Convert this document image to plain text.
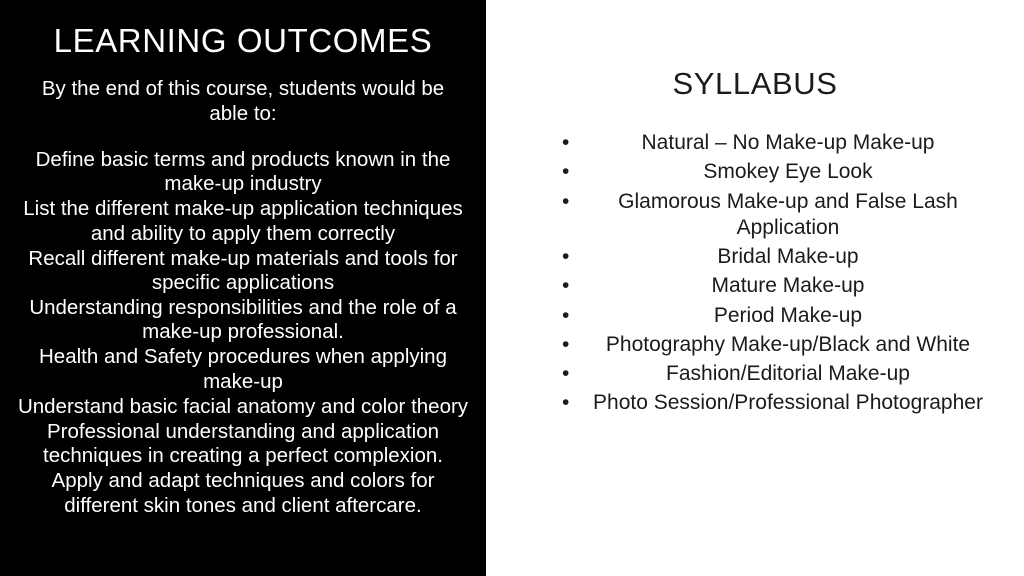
LEARNING OUTCOMES

By the end of this course, students would be able to:

Define basic terms and products known in the make-up industry
List the different make-up application techniques and ability to apply them correctly
Recall different make-up materials and tools for specific applications
Understanding responsibilities and the role of a make-up professional.
Health and Safety procedures when applying make-up
Understand basic facial anatomy and color theory
Professional understanding and application techniques in creating a perfect complexion.
Apply and adapt techniques and colors for different skin tones and client aftercare.
SYLLABUS
•	Natural – No Make-up Make-up
•	Smokey Eye Look
• Glamorous Make-up and False Lash Application
•	Bridal Make-up
•	Mature Make-up
•	Period Make-up
• Photography Make-up/Black and White
•	Fashion/Editorial Make-up
• Photo Session/Professional Photographer
